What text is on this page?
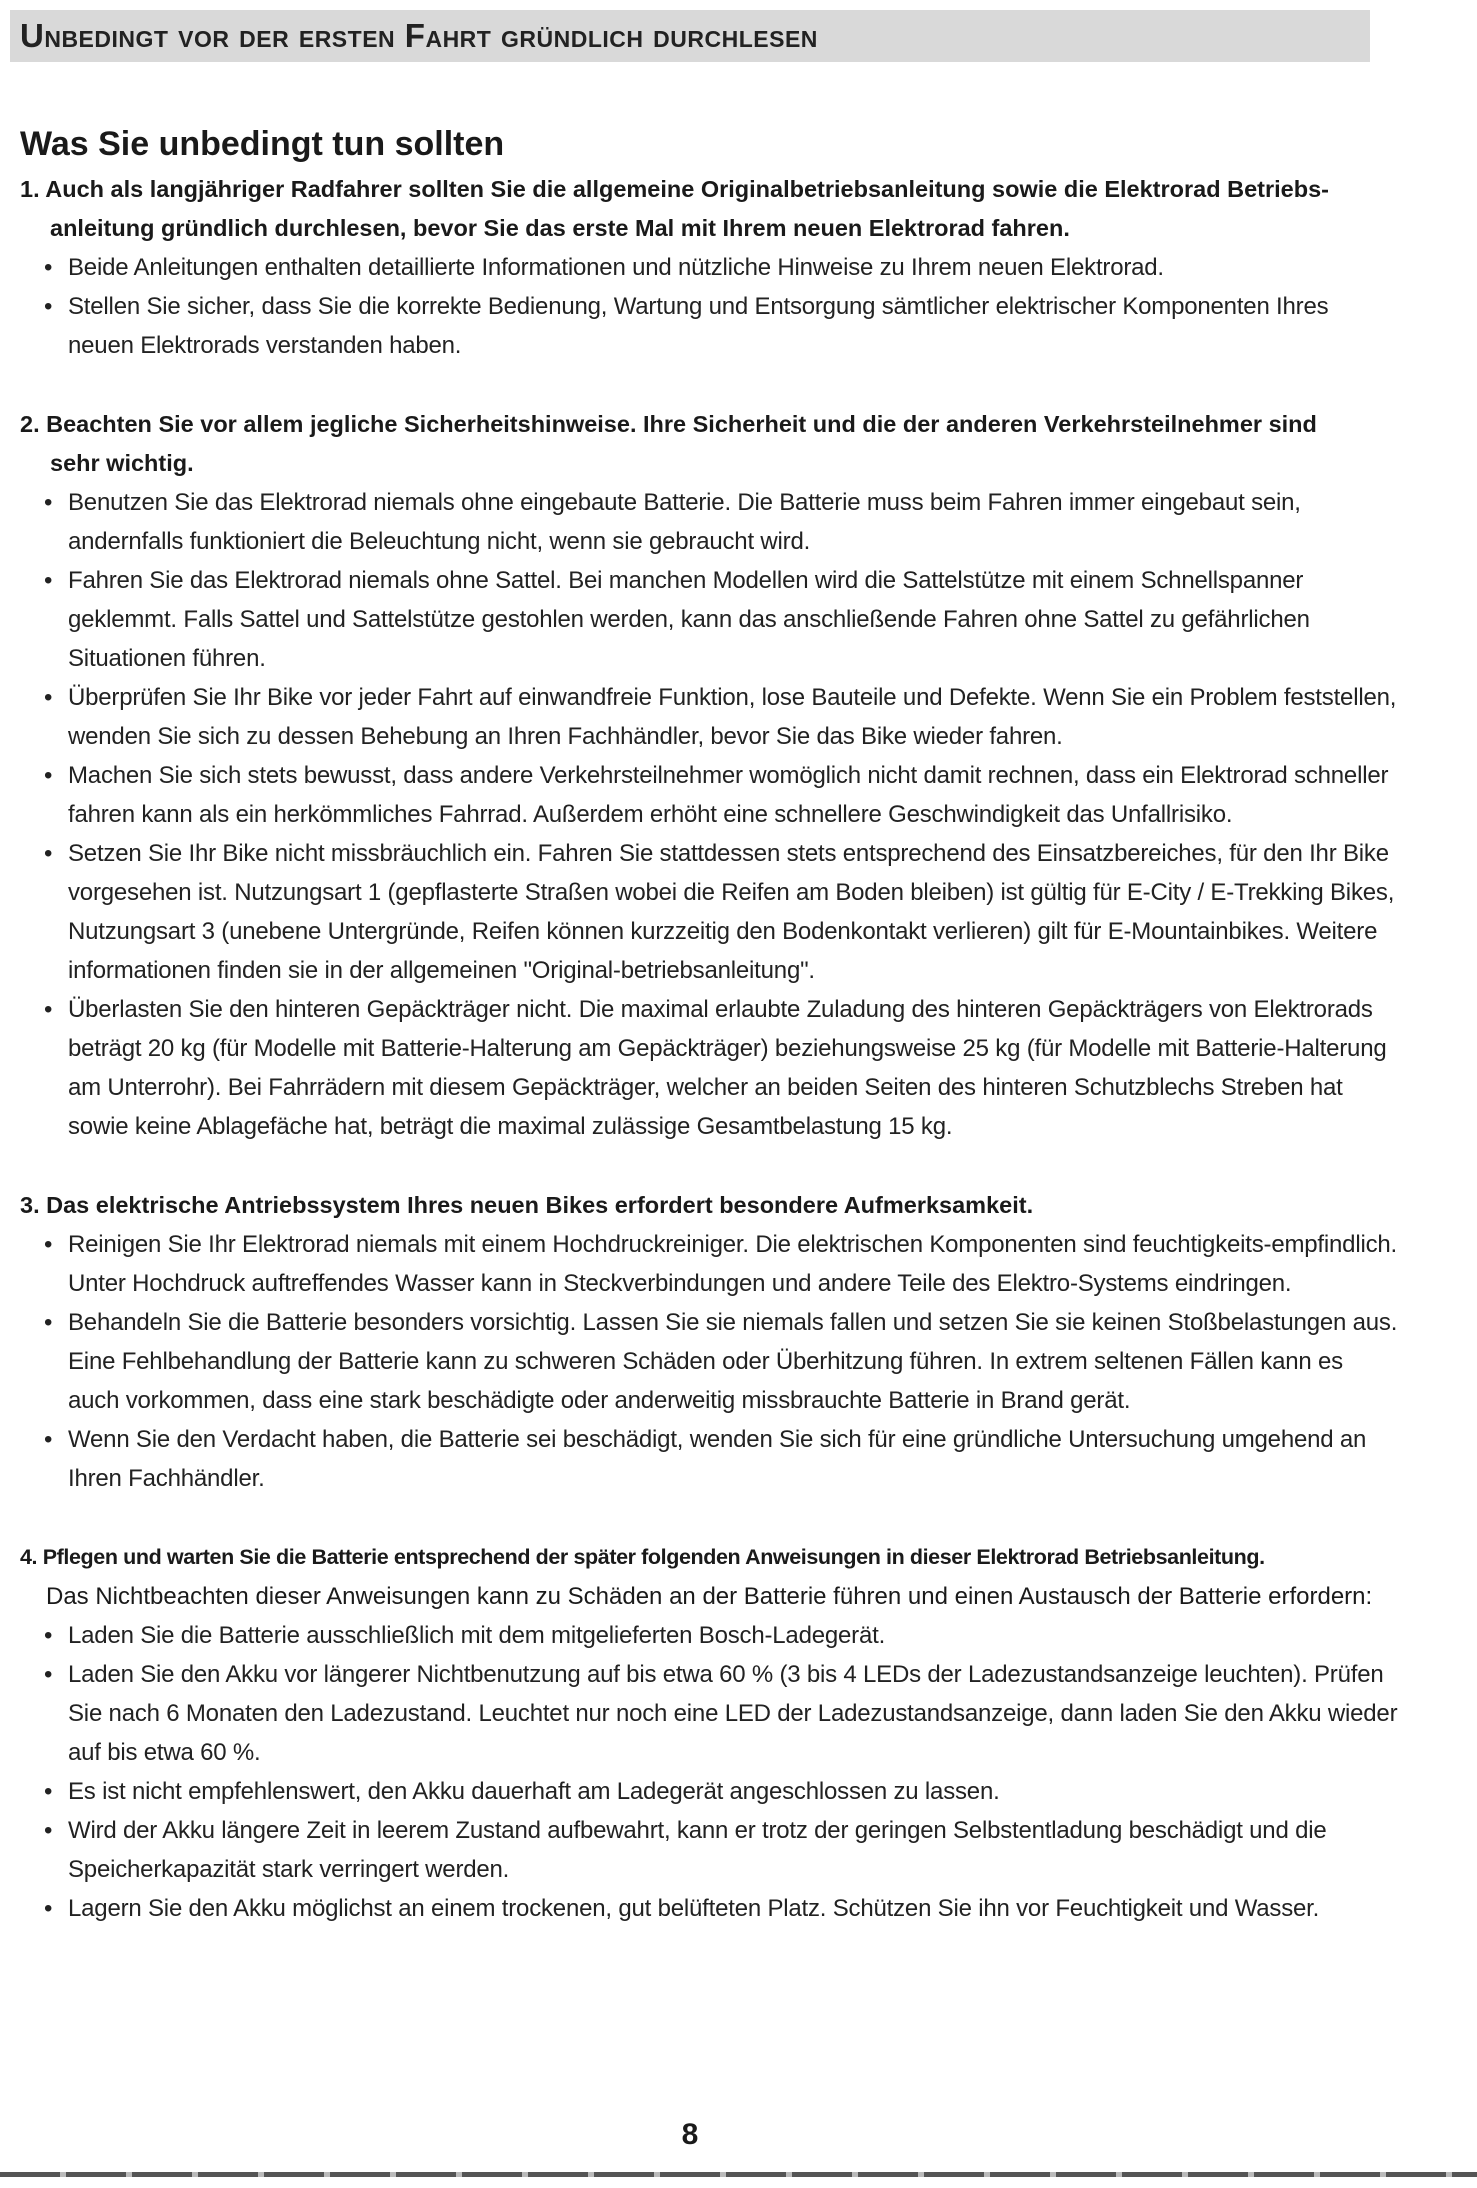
Unbedingt vor der ersten Fahrt gründlich durchlesen
Was Sie unbedingt tun sollten
1. Auch als langjähriger Radfahrer sollten Sie die allgemeine Originalbetriebsanleitung sowie die Elektrorad Betriebs-
anleitung gründlich durchlesen, bevor Sie das erste Mal mit Ihrem neuen Elektrorad fahren.
• Beide Anleitungen enthalten detaillierte Informationen und nützliche Hinweise zu Ihrem neuen Elektrorad.
• Stellen Sie sicher, dass Sie die korrekte Bedienung, Wartung und Entsorgung sämtlicher elektrischer Komponenten Ihres neuen Elektrorads verstanden haben.
2. Beachten Sie vor allem jegliche Sicherheitshinweise. Ihre Sicherheit und die der anderen Verkehrsteilnehmer sind
sehr wichtig.
• Benutzen Sie das Elektrorad niemals ohne eingebaute Batterie. Die Batterie muss beim Fahren immer eingebaut sein, andernfalls funktioniert die Beleuchtung nicht, wenn sie gebraucht wird.
• Fahren Sie das Elektrorad niemals ohne Sattel. Bei manchen Modellen wird die Sattelstütze mit einem Schnellspanner geklemmt. Falls Sattel und Sattelstütze gestohlen werden, kann das anschließende Fahren ohne Sattel zu gefährlichen Situationen führen.
• Überprüfen Sie Ihr Bike vor jeder Fahrt auf einwandfreie Funktion, lose Bauteile und Defekte. Wenn Sie ein Problem feststellen, wenden Sie sich zu dessen Behebung an Ihren Fachhändler, bevor Sie das Bike wieder fahren.
• Machen Sie sich stets bewusst, dass andere Verkehrsteilnehmer womöglich nicht damit rechnen, dass ein Elektrorad schneller fahren kann als ein herkömmliches Fahrrad. Außerdem erhöht eine schnellere Geschwindigkeit das Unfallrisiko.
• Setzen Sie Ihr Bike nicht missbräuchlich ein. Fahren Sie stattdessen stets entsprechend des Einsatzbereiches, für den Ihr Bike vorgesehen ist. Nutzungsart 1 (gepflasterte Straßen wobei die Reifen am Boden bleiben) ist gültig für E-City / E-Trekking Bikes, Nutzungsart 3 (unebene Untergründe, Reifen können kurzzeitig den Bodenkontakt verlieren) gilt für E-Mountainbikes. Weitere informationen finden sie in der allgemeinen "Original-betriebsanleitung".
• Überlasten Sie den hinteren Gepäckträger nicht. Die maximal erlaubte Zuladung des hinteren Gepäckträgers von Elektrorads beträgt 20 kg (für Modelle mit Batterie-Halterung am Gepäckträger) beziehungsweise 25 kg (für Modelle mit Batterie-Halterung am Unterrohr). Bei Fahrrädern mit diesem Gepäckträger, welcher an beiden Seiten des hinteren Schutzblechs Streben hat sowie keine Ablagefäche hat, beträgt die maximal zulässige Gesamtbelastung 15 kg.
3. Das elektrische Antriebssystem Ihres neuen Bikes erfordert besondere Aufmerksamkeit.
• Reinigen Sie Ihr Elektrorad niemals mit einem Hochdruckreiniger. Die elektrischen Komponenten sind feuchtigkeits-empfindlich. Unter Hochdruck auftreffendes Wasser kann in Steckverbindungen und andere Teile des Elektro-Systems eindringen.
• Behandeln Sie die Batterie besonders vorsichtig. Lassen Sie sie niemals fallen und setzen Sie sie keinen Stoßbelastungen aus. Eine Fehlbehandlung der Batterie kann zu schweren Schäden oder Überhitzung führen. In extrem seltenen Fällen kann es auch vorkommen, dass eine stark beschädigte oder anderweitig missbrauchte Batterie in Brand gerät.
• Wenn Sie den Verdacht haben, die Batterie sei beschädigt, wenden Sie sich für eine gründliche Untersuchung umgehend an Ihren Fachhändler.
4. Pflegen und warten Sie die Batterie entsprechend der später folgenden Anweisungen in dieser Elektrorad Betriebsanleitung.
Das Nichtbeachten dieser Anweisungen kann zu Schäden an der Batterie führen und einen Austausch der Batterie erfordern:
• Laden Sie die Batterie ausschließlich mit dem mitgelieferten Bosch-Ladegerät.
• Laden Sie den Akku vor längerer Nichtbenutzung auf bis etwa 60 % (3 bis 4 LEDs der Ladezustandsanzeige leuchten). Prüfen Sie nach 6 Monaten den Ladezustand. Leuchtet nur noch eine LED der Ladezustandsanzeige, dann laden Sie den Akku wieder auf bis etwa 60 %.
• Es ist nicht empfehlenswert, den Akku dauerhaft am Ladegerät angeschlossen zu lassen.
• Wird der Akku längere Zeit in leerem Zustand aufbewahrt, kann er trotz der geringen Selbstentladung beschädigt und die Speicherkapazität stark verringert werden.
• Lagern Sie den Akku möglichst an einem trockenen, gut belüfteten Platz. Schützen Sie ihn vor Feuchtigkeit und Wasser.
8
